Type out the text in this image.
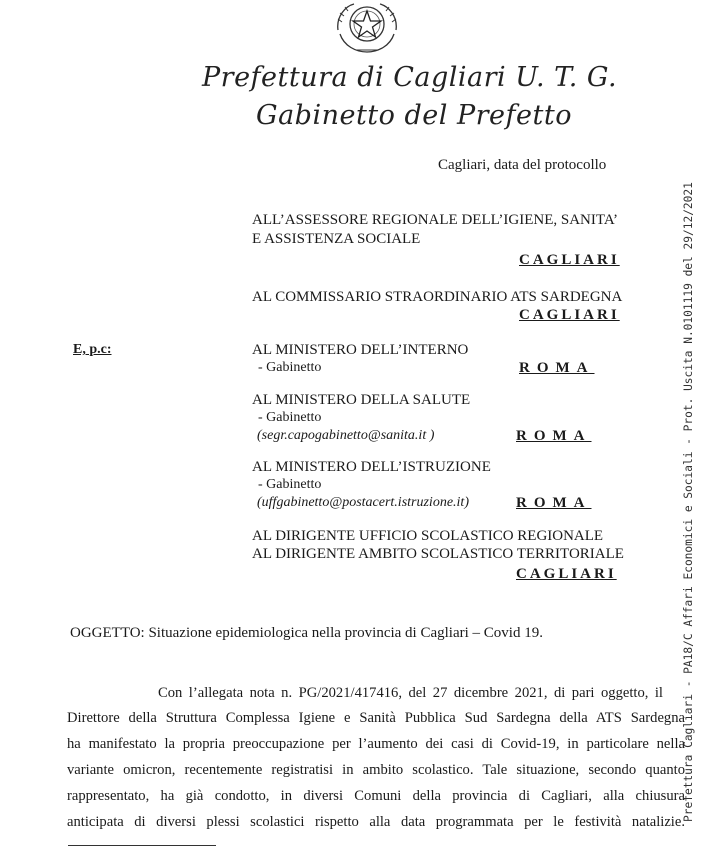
Prefettura di Cagliari U. T. G.
Gabinetto del Prefetto
Cagliari, data del protocollo
ALL’ASSESSORE REGIONALE DELL’IGIENE, SANITA’
E ASSISTENZA SOCIALE
CAGLIARI
AL COMMISSARIO STRAORDINARIO ATS SARDEGNA
CAGLIARI
E, p.c:	AL MINISTERO DELL’INTERNO
- Gabinetto	ROMA
AL MINISTERO DELLA SALUTE
- Gabinetto
(segr.capogabinetto@sanita.it )	ROMA
AL MINISTERO DELL’ISTRUZIONE
- Gabinetto
(uffgabinetto@postacert.istruzione.it)	ROMA
AL DIRIGENTE UFFICIO SCOLASTICO REGIONALE
AL DIRIGENTE AMBITO SCOLASTICO TERRITORIALE
CAGLIARI
OGGETTO: Situazione epidemiologica nella provincia di Cagliari – Covid 19.
Con l’allegata nota n. PG/2021/417416, del 27 dicembre 2021, di pari oggetto, il
Direttore della Struttura Complessa Igiene e Sanità Pubblica Sud Sardegna della ATS Sardegna
ha manifestato la propria preoccupazione per l’aumento dei casi di Covid-19, in particolare nella
variante omicron, recentemente registratisi in ambito scolastico. Tale situazione, secondo quanto
rappresentato, ha già condotto, in diversi Comuni della provincia di Cagliari, alla chiusura
anticipata di diversi plessi scolastici rispetto alla data programmata per le festività natalizie.
Prefettura Cagliari - PA18/C Affari Economici e Sociali - Prot. Uscita N.0101119 del 29/12/2021
